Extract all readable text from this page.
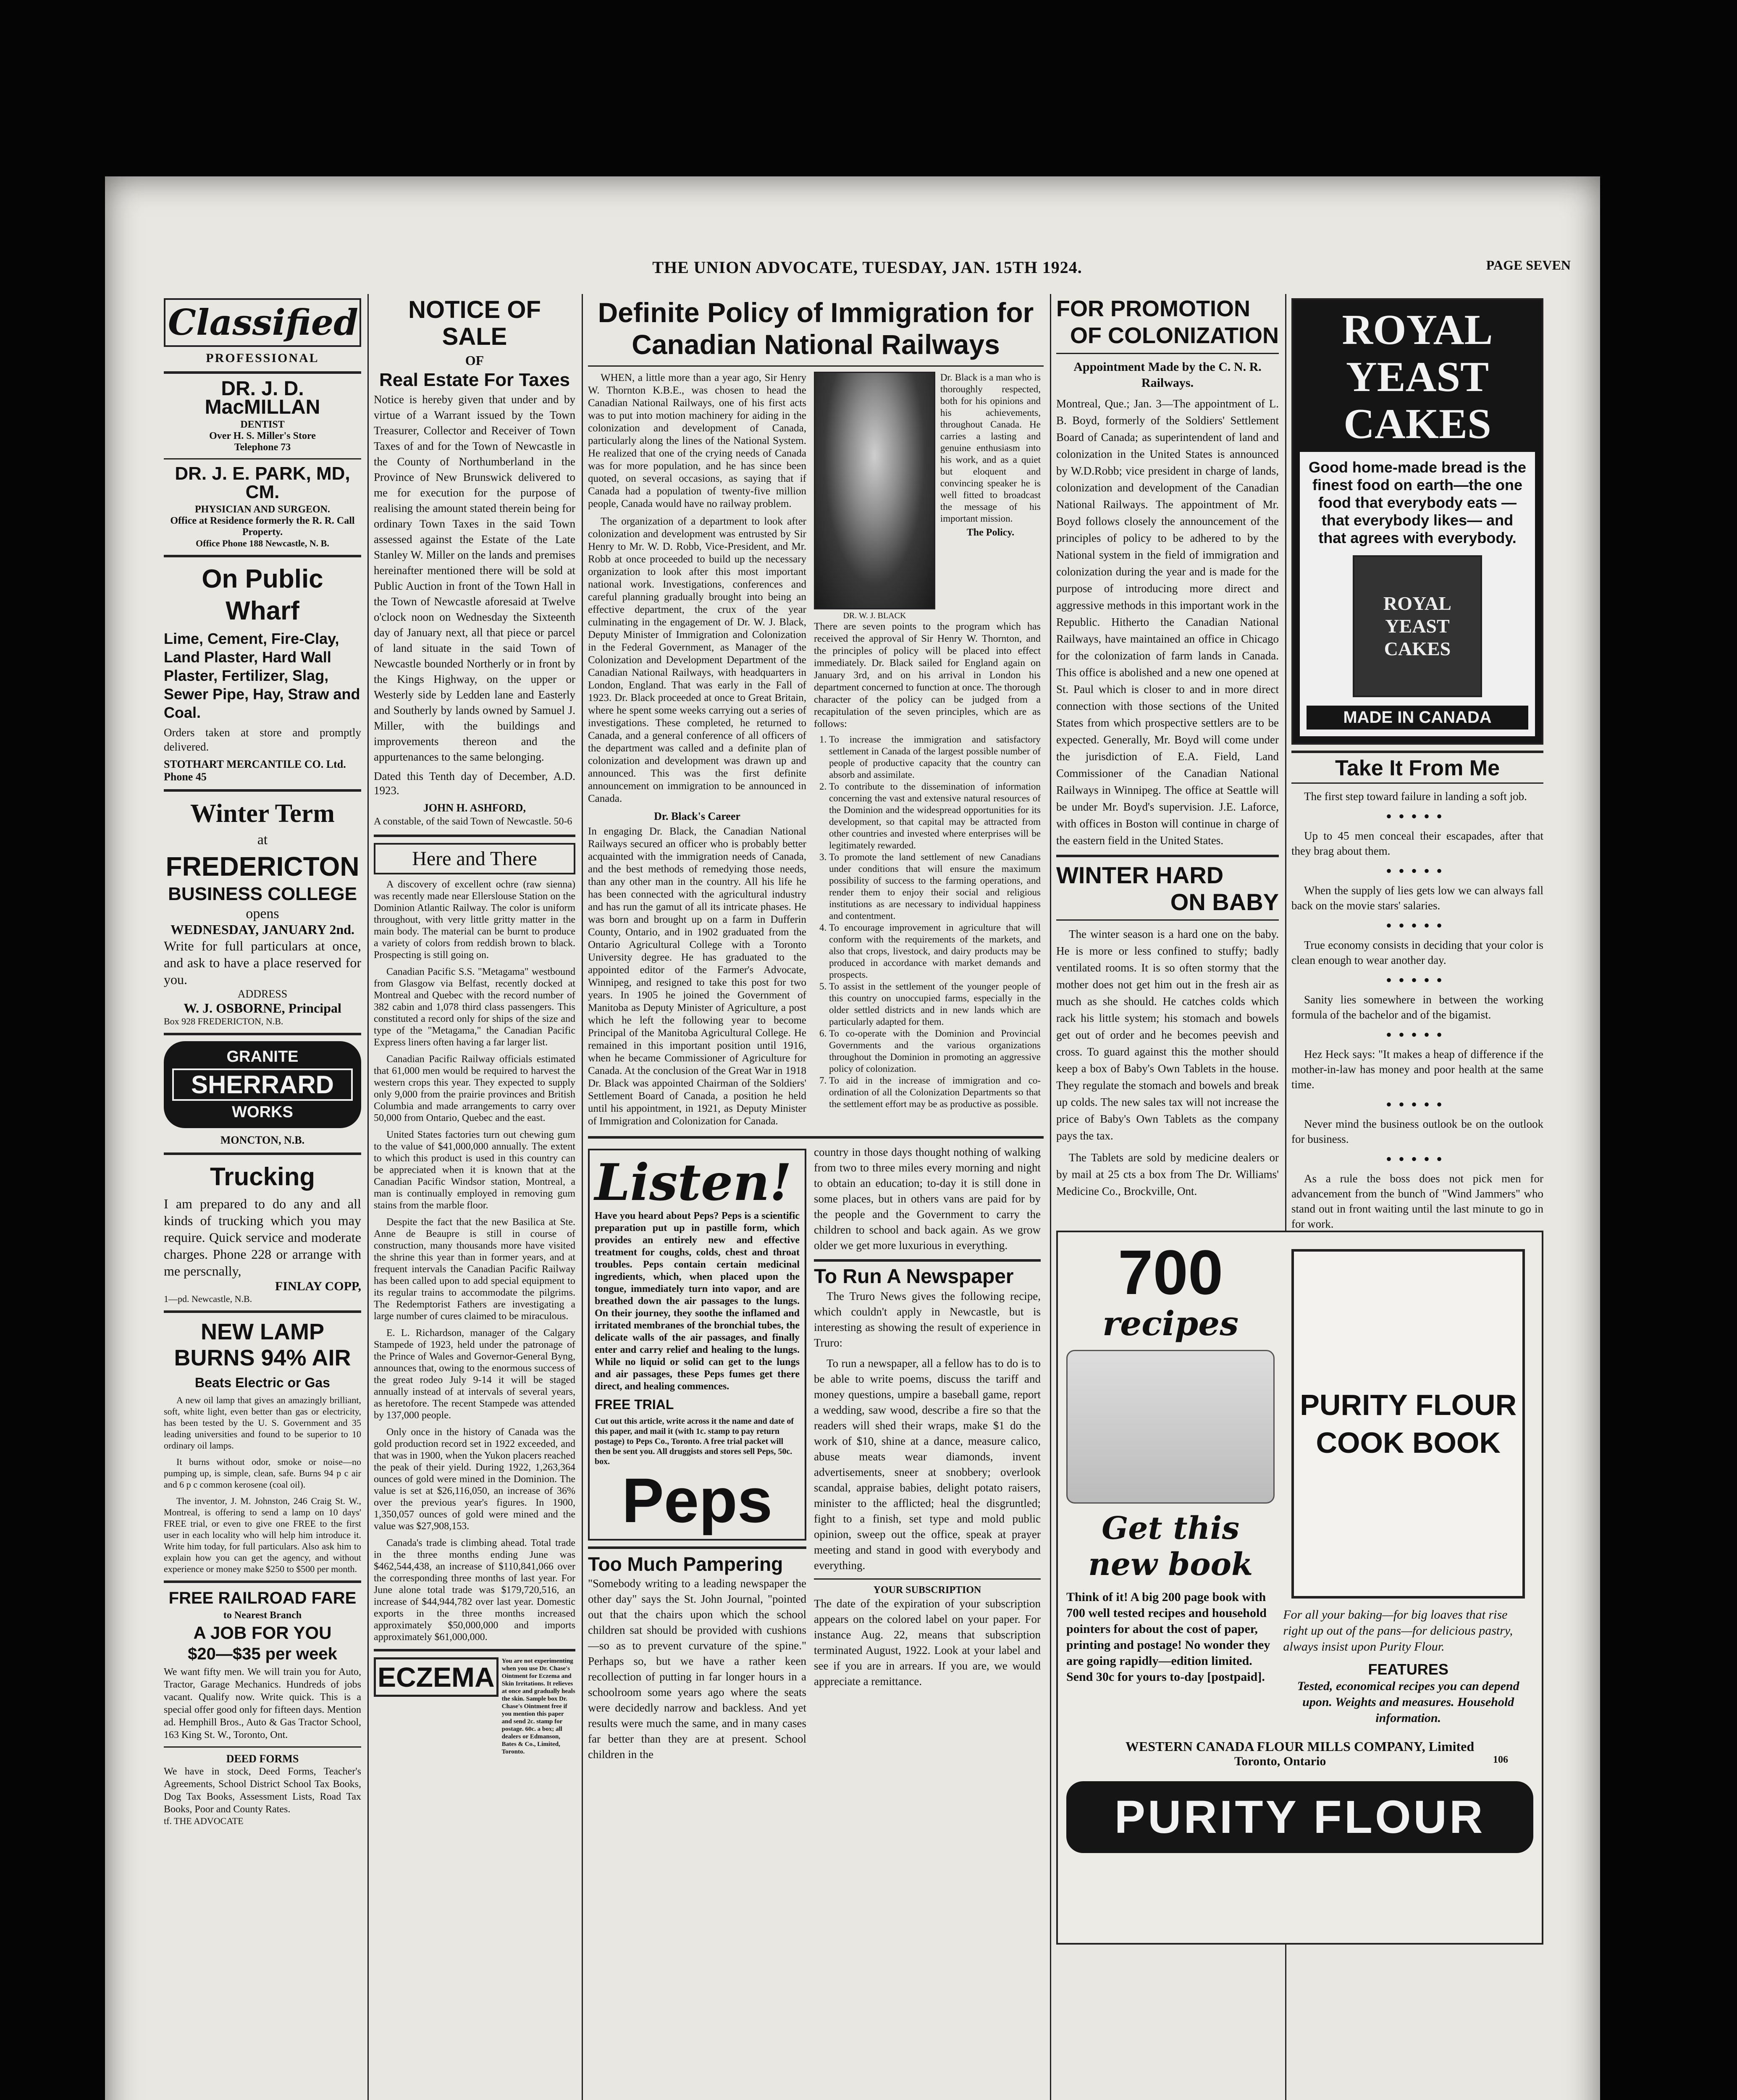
THE UNION ADVOCATE, TUESDAY, JAN. 15TH 1924.	PAGE SEVEN
Classified
PROFESSIONAL
DR. J. D. MacMILLAN
DENTIST
Over H. S. Miller's Store
Telephone 73
DR. J. E. PARK, MD, CM.
PHYSICIAN AND SURGEON.
Office at Residence formerly the R. R. Call Property.
Office Phone 188 Newcastle, N. B.
On Public Wharf
Lime, Cement, Fire-Clay, Land Plaster, Hard Wall Plaster, Fertilizer, Slag, Sewer Pipe, Hay, Straw and Coal.
Orders taken at store and promptly delivered.
STOTHART MERCANTILE CO. Ltd. Phone 45
Winter Term
at
FREDERICTON
BUSINESS COLLEGE
opens
WEDNESDAY, JANUARY 2nd.
Write for full particulars at once, and ask to have a place reserved for you.
ADDRESS
W. J. OSBORNE, Principal
Box 928 FREDERICTON, N.B.
GRANITE
SHERRARD
WORKS
MONCTON, N.B.
Trucking
I am prepared to do any and all kinds of trucking which you may require. Quick service and moderate charges. Phone 228 or arrange with me perscnally,
FINLAY COPP,
1—pd. Newcastle, N.B.
NEW LAMP BURNS 94% AIR
Beats Electric or Gas

A new oil lamp that gives an amazingly brilliant, soft, white light, even better than gas or electricity, has been tested by the U. S. Government and 35 leading universities and found to be superior to 10 ordinary oil lamps.

It burns without odor, smoke or noise—no pumping up, is simple, clean, safe. Burns 94 p c air and 6 p c common kerosene (coal oil).

The inventor, J. M. Johnston, 246 Craig St. W., Montreal, is offering to send a lamp on 10 days' FREE trial, or even to give one FREE to the first user in each locality who will help him introduce it. Write him today, for full particulars. Also ask him to explain how you can get the agency, and without experience or money make $250 to $500 per month.

FREE RAILROAD FARE
to Nearest Branch
A JOB FOR YOU
$20—$35 per week
We want fifty men. We will train you for Auto, Tractor, Garage Mechanics. Hundreds of jobs vacant. Qualify now. Write quick. This is a special offer good only for fifteen days. Mention ad. Hemphill Bros., Auto & Gas Tractor School, 163 King St. W., Toronto, Ont.
DEED FORMS
We have in stock, Deed Forms, Teacher's Agreements, School District School Tax Books, Dog Tax Books, Assessment Lists, Road Tax Books, Poor and County Rates.
tf. THE ADVOCATE
NOTICE OF SALE
OF
Real Estate For Taxes
Notice is hereby given that under and by virtue of a Warrant issued by the Town Treasurer, Collector and Receiver of Town Taxes of and for the Town of Newcastle in the County of Northumberland in the Province of New Brunswick delivered to me for execution for the purpose of realising the amount stated therein being for ordinary Town Taxes in the said Town assessed against the Estate of the Late Stanley W. Miller on the lands and premises hereinafter mentioned there will be sold at Public Auction in front of the Town Hall in the Town of Newcastle aforesaid at Twelve o'clock noon on Wednesday the Sixteenth day of January next, all that piece or parcel of land situate in the said Town of Newcastle bounded Northerly or in front by the Kings Highway, on the upper or Westerly side by Ledden lane and Easterly and Southerly by lands owned by Samuel J. Miller, with the buildings and improvements thereon and the appurtenances to the same belonging.
Dated this Tenth day of December, A.D. 1923.
JOHN H. ASHFORD,
A constable, of the said Town of Newcastle. 50-6
Here and There

A discovery of excellent ochre (raw sienna) was recently made near Ellerslouse Station on the Dominion Atlantic Railway. The color is uniform throughout, with very little gritty matter in the main body. The material can be burnt to produce a variety of colors from reddish brown to black. Prospecting is still going on.

Canadian Pacific S.S. "Metagama" westbound from Glasgow via Belfast, recently docked at Montreal and Quebec with the record number of 382 cabin and 1,078 third class passengers. This constituted a record only for ships of the size and type of the "Metagama," the Canadian Pacific Express liners often having a far larger list.

Canadian Pacific Railway officials estimated that 61,000 men would be required to harvest the western crops this year. They expected to supply only 9,000 from the prairie provinces and British Columbia and made arrangements to carry over 50,000 from Ontario, Quebec and the east.

United States factories turn out chewing gum to the value of $41,000,000 annually. The extent to which this product is used in this country can be appreciated when it is known that at the Canadian Pacific Windsor station, Montreal, a man is continually employed in removing gum stains from the marble floor.

Despite the fact that the new Basilica at Ste. Anne de Beaupre is still in course of construction, many thousands more have visited the shrine this year than in former years, and at frequent intervals the Canadian Pacific Railway has been called upon to add special equipment to its regular trains to accommodate the pilgrims. The Redemptorist Fathers are investigating a large number of cures claimed to be miraculous.

E. L. Richardson, manager of the Calgary Stampede of 1923, held under the patronage of the Prince of Wales and Governor-General Byng, announces that, owing to the enormous success of the great rodeo July 9-14 it will be staged annually instead of at intervals of several years, as heretofore. The recent Stampede was attended by 137,000 people.

Only once in the history of Canada was the gold production record set in 1922 exceeded, and that was in 1900, when the Yukon placers reached the peak of their yield. During 1922, 1,263,364 ounces of gold were mined in the Dominion. The value is set at $26,116,050, an increase of 36% over the previous year's figures. In 1900, 1,350,057 ounces of gold were mined and the value was $27,908,153.

Canada's trade is climbing ahead. Total trade in the three months ending June was $462,544,438, an increase of $110,841,066 over the corresponding three months of last year. For June alone total trade was $179,720,516, an increase of $44,944,782 over last year. Domestic exports in the three months increased approximately $50,000,000 and imports approximately $61,000,000.

ECZEMA
You are not experimenting when you use Dr. Chase's Ointment for Eczema and Skin Irritations. It relieves at once and gradually heals the skin. Sample box Dr. Chase's Ointment free if you mention this paper and send 2c. stamp for postage. 60c. a box; all dealers or Edmanson, Bates & Co., Limited, Toronto.
Definite Policy of Immigration for Canadian National Railways

WHEN, a little more than a year ago, Sir Henry W. Thornton K.B.E., was chosen to head the Canadian National Railways, one of his first acts was to put into motion machinery for aiding in the colonization and development of Canada, particularly along the lines of the National System. He realized that one of the crying needs of Canada was for more population, and he has since been quoted, on several occasions, as saying that if Canada had a population of twenty-five million people, Canada would have no railway problem.

The organization of a department to look after colonization and development was entrusted by Sir Henry to Mr. W. D. Robb, Vice-President, and Mr. Robb at once proceeded to build up the necessary organization to look after this most important national work. Investigations, conferences and careful planning gradually brought into being an effective department, the crux of the year culminating in the engagement of Dr. W. J. Black, Deputy Minister of Immigration and Colonization in the Federal Government, as Manager of the Colonization and Development Department of the Canadian National Railways, with headquarters in London, England. That was early in the Fall of 1923. Dr. Black proceeded at once to Great Britain, where he spent some weeks carrying out a series of investigations. These completed, he returned to Canada, and a general conference of all officers of the department was called and a definite plan of colonization and development was drawn up and announced. This was the first definite announcement on immigration to be announced in Canada.

Dr. Black's Career
In engaging Dr. Black, the Canadian National Railways secured an officer who is probably better acquainted with the immigration needs of Canada, and the best methods of remedying those needs, than any other man in the country. All his life he has been connected with the agricultural industry and has run the gamut of all its intricate phases. He was born and brought up on a farm in Dufferin County, Ontario, and in 1902 graduated from the Ontario Agricultural College with a Toronto University degree. He has graduated to the appointed editor of the Farmer's Advocate, Winnipeg, and resigned to take this post for two years. In 1905 he joined the Government of Manitoba as Deputy Minister of Agriculture, a post which he left the following year to become Principal of the Manitoba Agricultural College. He remained in this important position until 1916, when he became Commissioner of Agriculture for Canada. At the conclusion of the Great War in 1918 Dr. Black was appointed Chairman of the Soldiers' Settlement Board of Canada, a position he held until his appointment, in 1921, as Deputy Minister of Immigration and Colonization for Canada.
DR. W. J. BLACK
Dr. Black is a man who is thoroughly respected, both for his opinions and his achievements, throughout Canada. He carries a lasting and genuine enthusiasm into his work, and as a quiet but eloquent and convincing speaker he is well fitted to broadcast the message of his important mission.
The Policy.
There are seven points to the program which has received the approval of Sir Henry W. Thornton, and the principles of policy will be placed into effect immediately. Dr. Black sailed for England again on January 3rd, and on his arrival in London his department concerned to function at once. The thorough character of the policy can be judged from a recapitulation of the seven principles, which are as follows:
1. To increase the immigration and satisfactory settlement in Canada of the largest possible number of people of productive capacity that the country can absorb and assimilate.
2. To contribute to the dissemination of information concerning the vast and extensive natural resources of the Dominion and the widespread opportunities for its development, so that capital may be attracted from other countries and invested where enterprises will be legitimately rewarded.
3. To promote the land settlement of new Canadians under conditions that will ensure the maximum possibility of success to the farming operations, and render them to enjoy their social and religious institutions as are necessary to individual happiness and contentment.
4. To encourage improvement in agriculture that will conform with the requirements of the markets, and also that crops, livestock, and dairy products may be produced in accordance with market demands and prospects.
5. To assist in the settlement of the younger people of this country on unoccupied farms, especially in the older settled districts and in new lands which are particularly adapted for them.
6. To co-operate with the Dominion and Provincial Governments and the various organizations throughout the Dominion in promoting an aggressive policy of colonization.
7. To aid in the increase of immigration and co-ordination of all the Colonization Departments so that the settlement effort may be as productive as possible.
Listen!
Have you heard about Peps? Peps is a scientific preparation put up in pastille form, which provides an entirely new and effective treatment for coughs, colds, chest and throat troubles. Peps contain certain medicinal ingredients, which, when placed upon the tongue, immediately turn into vapor, and are breathed down the air passages to the lungs. On their journey, they soothe the inflamed and irritated membranes of the bronchial tubes, the delicate walls of the air passages, and finally enter and carry relief and healing to the lungs. While no liquid or solid can get to the lungs and air passages, these Peps fumes get there direct, and healing commences.
FREE TRIAL
Cut out this article, write across it the name and date of this paper, and mail it (with 1c. stamp to pay return postage) to Peps Co., Toronto. A free trial packet will then be sent you. All druggists and stores sell Peps, 50c. box.
Peps
Too Much Pampering
"Somebody writing to a leading newspaper the other day" says the St. John Journal, "pointed out that the chairs upon which the school children sat should be provided with cushions—so as to prevent curvature of the spine." Perhaps so, but we have a rather keen recollection of putting in far longer hours in a schoolroom some years ago where the seats were decidedly narrow and backless. And yet results were much the same, and in many cases far better than they are at present. School children in the
country in those days thought nothing of walking from two to three miles every morning and night to obtain an education; to-day it is still done in some places, but in others vans are paid for by the people and the Government to carry the children to school and back again. As we grow older we get more luxurious in everything.
To Run A Newspaper

The Truro News gives the following recipe, which couldn't apply in Newcastle, but is interesting as showing the result of experience in Truro:

To run a newspaper, all a fellow has to do is to be able to write poems, discuss the tariff and money questions, umpire a baseball game, report a wedding, saw wood, describe a fire so that the readers will shed their wraps, make $1 do the work of $10, shine at a dance, measure calico, abuse meats wear diamonds, invent advertisements, sneer at snobbery; overlook scandal, appraise babies, delight potato raisers, minister to the afflicted; heal the disgruntled; fight to a finish, set type and mold public opinion, sweep out the office, speak at prayer meeting and stand in good with everybody and everything.

YOUR SUBSCRIPTION
The date of the expiration of your subscription appears on the colored label on your paper. For instance Aug. 22, means that subscription terminated August, 1922. Look at your label and see if you are in arrears. If you are, we would appreciate a remittance.
FOR PROMOTION
OF COLONIZATION
Appointment Made by the C. N. R. Railways.
Montreal, Que.; Jan. 3—The appointment of L. B. Boyd, formerly of the Soldiers' Settlement Board of Canada; as superintendent of land and colonization in the United States is announced by W.D.Robb; vice president in charge of lands, colonization and development of the Canadian National Railways. The appointment of Mr. Boyd follows closely the announcement of the principles of policy to be adhered to by the National system in the field of immigration and colonization during the year and is made for the purpose of introducing more direct and aggressive methods in this important work in the Republic. Hitherto the Canadian National Railways, have maintained an office in Chicago for the colonization of farm lands in Canada. This office is abolished and a new one opened at St. Paul which is closer to and in more direct connection with those sections of the United States from which prospective settlers are to be expected. Generally, Mr. Boyd will come under the jurisdiction of E.A. Field, Land Commissioner of the Canadian National Railways in Winnipeg. The office at Seattle will be under Mr. Boyd's supervision. J.E. Laforce, with offices in Boston will continue in charge of the eastern field in the United States.
WINTER HARD
ON BABY

The winter season is a hard one on the baby. He is more or less confined to stuffy; badly ventilated rooms. It is so often stormy that the mother does not get him out in the fresh air as much as she should. He catches colds which rack his little system; his stomach and bowels get out of order and he becomes peevish and cross. To guard against this the mother should keep a box of Baby's Own Tablets in the house. They regulate the stomach and bowels and break up colds. The new sales tax will not increase the price of Baby's Own Tablets as the company pays the tax.

The Tablets are sold by medicine dealers or by mail at 25 cts a box from The Dr. Williams' Medicine Co., Brockville, Ont.

ROYAL YEAST CAKES
Good home-made bread is the finest food on earth—the one food that everybody eats — that everybody likes— and that agrees with everybody.
ROYAL YEAST CAKES
MADE IN CANADA
Take It From Me

The first step toward failure in landing a soft job.

•••••

Up to 45 men conceal their escapades, after that they brag about them.

•••••

When the supply of lies gets low we can always fall back on the movie stars' salaries.

•••••

True economy consists in deciding that your color is clean enough to wear another day.

•••••

Sanity lies somewhere in between the working formula of the bachelor and of the bigamist.

•••••

Hez Heck says: "It makes a heap of difference if the mother-in-law has money and poor health at the same time.

•••••

Never mind the business outlook be on the outlook for business.

•••••

As a rule the boss does not pick men for advancement from the bunch of "Wind Jammers" who stand out in front waiting until the last minute to go in for work.

700
recipes
Get this new book
Think of it! A big 200 page book with 700 well tested recipes and household pointers for about the cost of paper, printing and postage! No wonder they are going rapidly—edition limited. Send 30c for yours to-day [postpaid].
PURITY FLOUR COOK BOOK
For all your baking—for big loaves that rise right up out of the pans—for delicious pastry, always insist upon Purity Flour.
FEATURES
Tested, economical recipes you can depend upon. Weights and measures. Household information.
WESTERN CANADA FLOUR MILLS COMPANY, Limited
Toronto, Ontario	106
PURITY FLOUR
